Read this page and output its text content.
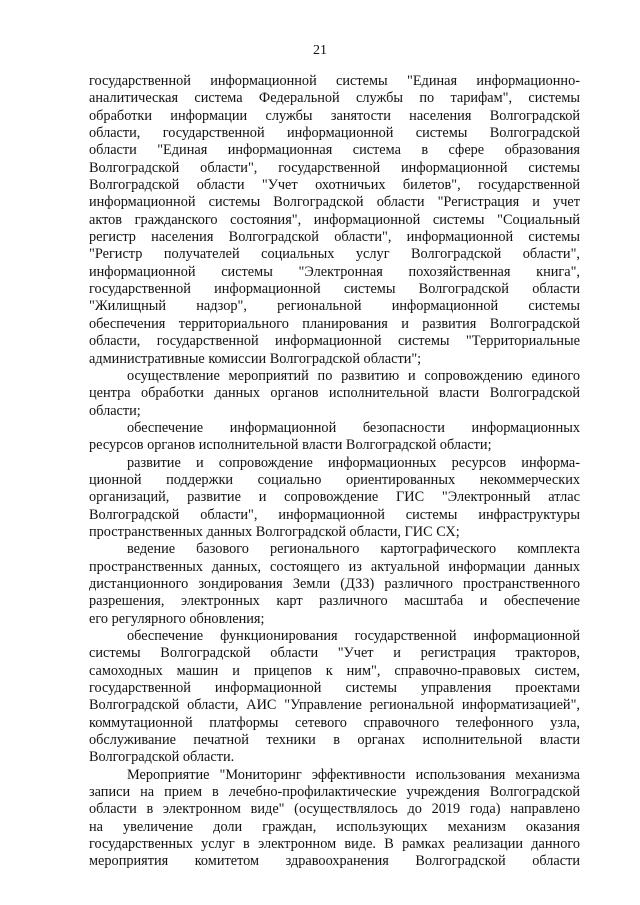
21
государственной информационной системы "Единая информационно-
аналитическая система Федеральной службы по тарифам", системы
обработки информации службы занятости населения Волгоградской
области, государственной информационной системы Волгоградской
области "Единая информационная система в сфере образования
Волгоградской области", государственной информационной системы
Волгоградской области "Учет охотничьих билетов", государственной
информационной системы Волгоградской области "Регистрация и учет
актов гражданского состояния", информационной системы "Социальный
регистр населения Волгоградской области", информационной системы
"Регистр получателей социальных услуг Волгоградской области",
информационной системы "Электронная похозяйственная книга",
государственной информационной системы Волгоградской области
"Жилищный надзор", региональной информационной системы
обеспечения территориального планирования и развития Волгоградской
области, государственной информационной системы "Территориальные
административные комиссии Волгоградской области";
осуществление мероприятий по развитию и сопровождению единого
центра обработки данных органов исполнительной власти Волгоградской
области;
обеспечение информационной безопасности информационных
ресурсов органов исполнительной власти Волгоградской области;
развитие и сопровождение информационных ресурсов информа-
ционной поддержки социально ориентированных некоммерческих
организаций, развитие и сопровождение ГИС "Электронный атлас
Волгоградской области", информационной системы инфраструктуры
пространственных данных Волгоградской области, ГИС СХ;
ведение базового регионального картографического комплекта
пространственных данных, состоящего из актуальной информации данных
дистанционного зондирования Земли (ДЗЗ) различного пространственного
разрешения, электронных карт различного масштаба и обеспечение
его регулярного обновления;
обеспечение функционирования государственной информационной
системы Волгоградской области "Учет и регистрация тракторов,
самоходных машин и прицепов к ним", справочно-правовых систем,
государственной информационной системы управления проектами
Волгоградской области, АИС "Управление региональной информатизацией",
коммутационной платформы сетевого справочного телефонного узла,
обслуживание печатной техники в органах исполнительной власти
Волгоградской области.
Мероприятие "Мониторинг эффективности использования механизма
записи на прием в лечебно-профилактические учреждения Волгоградской
области в электронном виде" (осуществлялось до 2019 года) направлено
на увеличение доли граждан, использующих механизм оказания
государственных услуг в электронном виде. В рамках реализации данного
мероприятия комитетом здравоохранения Волгоградской области
